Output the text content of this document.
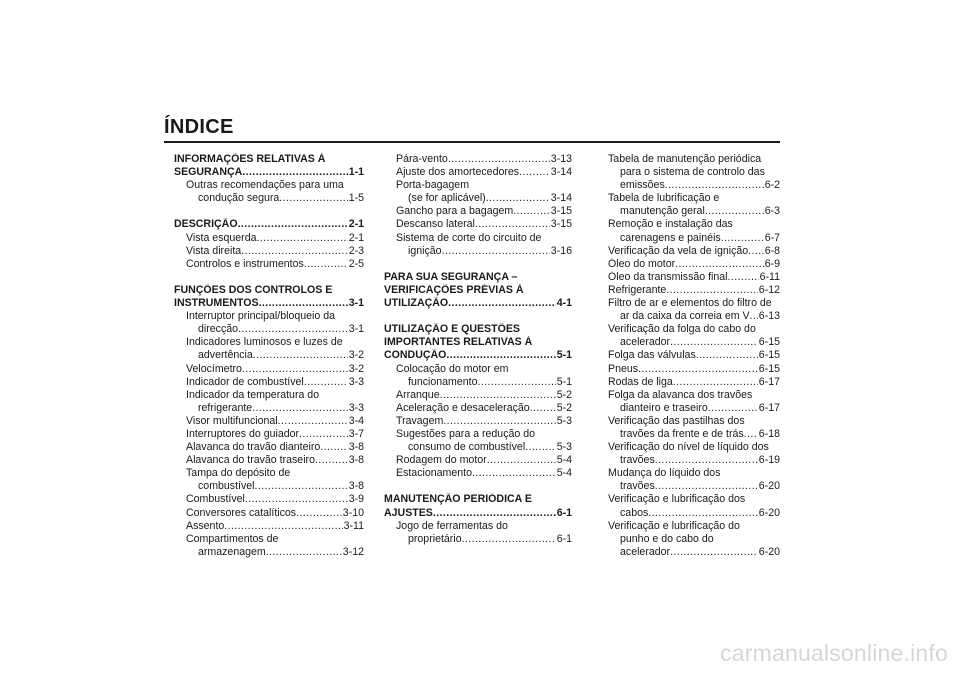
ÍNDICE
INFORMAÇÕES RELATIVAS À
SEGURANÇA .....	1-1
Outras recomendações para uma
condução segura .....	1-5
DESCRIÇÃO .....	2-1
Vista esquerda .....	2-1
Vista direita .....	2-3
Controlos e instrumentos .....	2-5
FUNÇÕES DOS CONTROLOS E
INSTRUMENTOS .....	3-1
Interruptor principal/bloqueio da
direcção .....	3-1
Indicadores luminosos e luzes de
advertência .....	3-2
Velocímetro .....	3-2
Indicador de combustível .....	3-3
Indicador da temperatura do
refrigerante .....	3-3
Visor multifuncional .....	3-4
Interruptores do guiador .....	3-7
Alavanca do travão dianteiro .....	3-8
Alavanca do travão traseiro .....	3-8
Tampa do depósito de
combustível .....	3-8
Combustível .....	3-9
Conversores catalíticos .....	3-10
Assento .....	3-11
Compartimentos de
armazenagem .....	3-12
Pára-vento .....	3-13
Ajuste dos amortecedores .....	3-14
Porta-bagagem
(se for aplicável) .....	3-14
Gancho para a bagagem .....	3-15
Descanso lateral .....	3-15
Sistema de corte do circuito de
ignição .....	3-16
PARA SUA SEGURANÇA –
VERIFICAÇÕES PRÉVIAS À
UTILIZAÇÃO .....	4-1
UTILIZAÇÃO E QUESTÕES
IMPORTANTES RELATIVAS À
CONDUÇÃO .....	5-1
Colocação do motor em
funcionamento .....	5-1
Arranque .....	5-2
Aceleração e desaceleração .....	5-2
Travagem .....	5-3
Sugestões para a redução do
consumo de combustível .....	5-3
Rodagem do motor .....	5-4
Estacionamento .....	5-4
MANUTENÇÃO PERIÓDICA E
AJUSTES .....	6-1
Jogo de ferramentas do
proprietário .....	6-1
Tabela de manutenção periódica
para o sistema de controlo das
emissões .....	6-2
Tabela de lubrificação e
manutenção geral .....	6-3
Remoção e instalação das
carenagens e painéis .....	6-7
Verificação da vela de ignição ..... 6-8
Óleo do motor .....	6-9
Óleo da transmissão final .....	6-11
Refrigerante .....	6-12
Filtro de ar e elementos do filtro de
ar da caixa da correia em V ..... 6-13
Verificação da folga do cabo do
acelerador .....	6-15
Folga das válvulas .....	6-15
Pneus .....	6-15
Rodas de liga .....	6-17
Folga da alavanca dos travões
dianteiro e traseiro .....	6-17
Verificação das pastilhas dos
travões da frente e de trás ..... 6-18
Verificação do nível de líquido dos
travões .....	6-19
Mudança do líquido dos
travões .....	6-20
Verificação e lubrificação dos
cabos .....	6-20
Verificação e lubrificação do
punho e do cabo do
acelerador .....	6-20
carmanualsonline.info
